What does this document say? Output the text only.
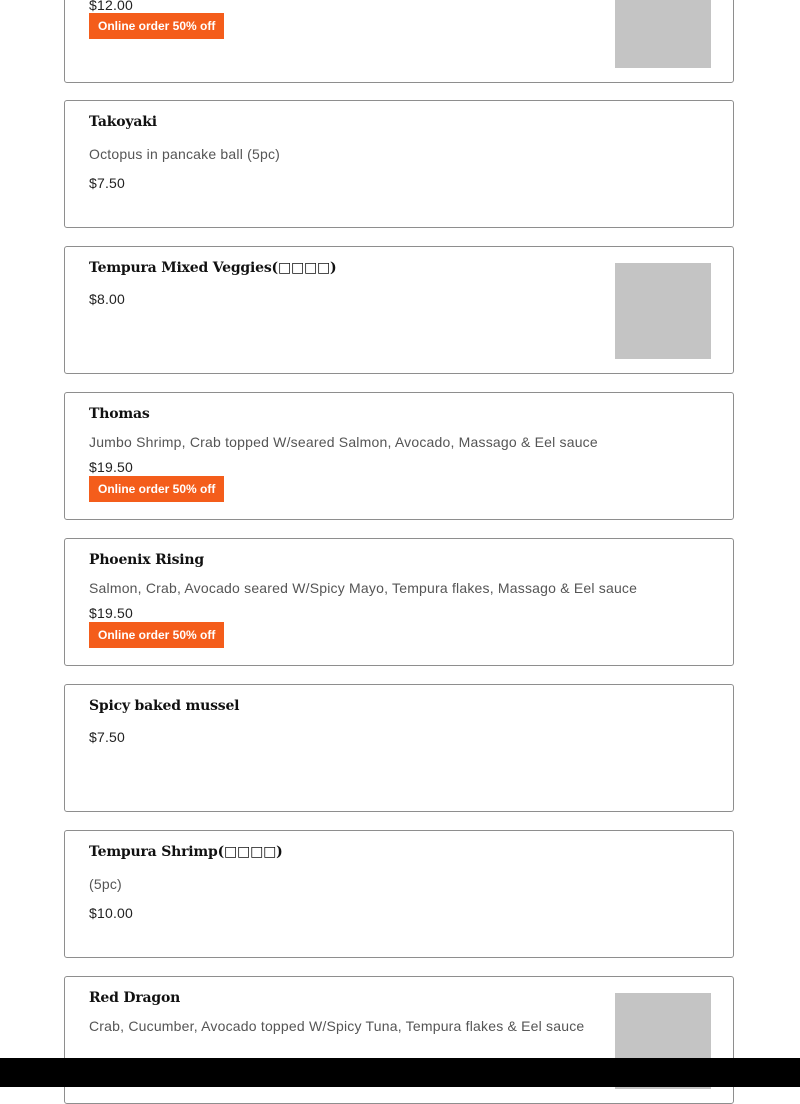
$12.00
Online order 50% off
Takoyaki
Octopus in pancake ball (5pc)
$7.50
Tempura Mixed Veggies(□□□□)
$8.00
Thomas
Jumbo Shrimp, Crab topped W/seared Salmon, Avocado, Massago & Eel sauce
$19.50
Online order 50% off
Phoenix Rising
Salmon, Crab, Avocado seared W/Spicy Mayo, Tempura flakes, Massago & Eel sauce
$19.50
Online order 50% off
Spicy baked mussel
$7.50
Tempura Shrimp(□□□□)
(5pc)
$10.00
Red Dragon
Crab, Cucumber, Avocado topped W/Spicy Tuna, Tempura flakes & Eel sauce
